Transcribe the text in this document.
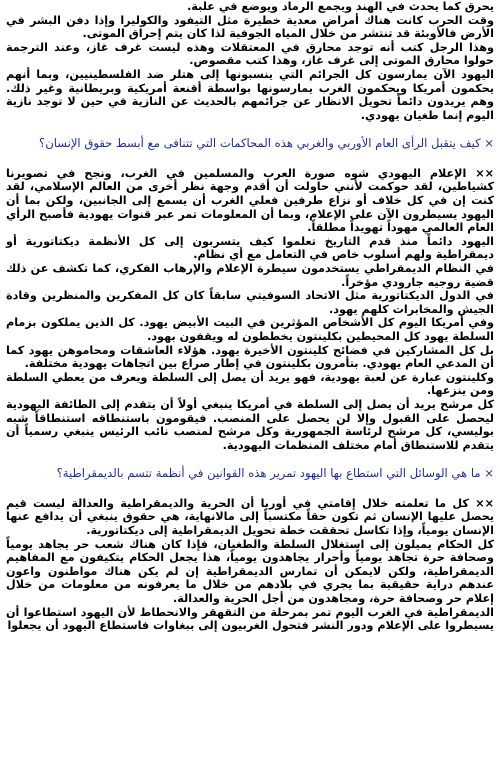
يحرق كما يحدث في الهند ويجمع الرماد ويوضع في علبة.

وقت الحرب كانت هناك أمراض معدية خطيرة مثل التيفود والكوليرا وإذا دفن البشر في الأرض فالأوبئة قد تنتشر من خلال المياه الجوفية لذا كان يتم إحراق الموتى.

وهذا الرجل كتب أنه توجد محارق في المعتقلات وهذه ليست غرف غاز، وعند الترجمة حولوا محارق الموتى إلى غرف غاز، وهذا كتب مقصوص.

اليهود الآن يمارسون كل الجرائم التي ينسبونها إلى هتلر ضد الفلسطينيين، وبما أنهم يحكمون أمريكا ويحكمون الغرب يمارسونها بواسطة أقنعة أمريكية وبريطانية وغير ذلك. وهم يريدون دائماً تحويل الانظار عن جرائمهم بالحديث عن النازية في حين لا توجد نازية اليوم إنما طغيان يهودي.

× كيف يتقبل الرأى العام الأوربي والغربي هذه المحاكمات التي تتنافى مع أبسط حقوق الإنسان؟

×× الإعلام اليهودي شوه صورة العرب والمسلمين في الغرب، ونجح في تصويرنا كشياطين، لقد حوكمت لأنني حاولت أن أقدم وجهة نظر أخرى من العالم الإسلامي، لقد كنت إن في كل خلاف أو نزاع طرفين فعلي الغرب أن يسمع إلى الجانبين، ولكن بما أن اليهود يسيطرون الآن على الإعلام، وبما أن المعلومات تمر عبر قنوات يهودية فأصبح الرأي العام العالمي مهوداً تهويداً مطلقاً.

اليهود دائماً منذ قدم التاريخ تعلموا كيف يتسربون إلى كل الأنظمة ديكتاتورية أو ديمقراطية ولهم أسلوب خاص في التعامل مع أي نظام.

في النظام الديمقراطي يستخدمون سيطرة الإعلام والإرهاب الفكري، كما تكشف عن ذلك قضية روجيه جارودي مؤخراً.

في الدول الديكتاتورية مثل الاتحاد السوفيتي سابقاً كان كل المفكرين والمنظرين وقادة الجيش والمخابرات كلهم يهود.

وفي أمريكا اليوم كل الأشخاص المؤثرين في البيت الأبيض يهود. كل الذين يملكون بزمام السلطة يهود كل المحيطين بكلينتون يخططون له ويقفون بهود.

بل كل المشاركين في فضائح كلينتون الأخيرة يهود. هؤلاء العاشقات ومحاموهن يهود كما أن المدعي العام يهودي. بتأمرون بكلينتون في إطار صراع بين اتجاهات يهودية مختلفة.

وكلينتون عبارة عن لعبة يهودية، فهو يريد أن يصل إلى السلطة ويعرف من يعطي السلطة ومن ينزعها.

كل مرشح يريد أن يصل إلى السلطة في أمريكا ينبغي أولاً أن يتقدم إلى الطائفة اليهودية ليحصل على القبول وإلا لن يحصل على المنصب. فيقومون باستنطاقه استنطاقاً شبه بوليسي، كل مرشح لرئاسة الجمهورية وكل مرشح لمنصب نائب الرئيس ينبغي رسمياً أن يتقدم للاستنطاق أمام مختلف المنظمات اليهودية.

× ما هي الوسائل التي استطاع بها اليهود تمرير هذه القوانين في أنظمة تتسم بالديمقراطية؟

×× كل ما تعلمته خلال إقامتي في أوربا أن الحرية والديمقراطية والعدالة ليست قيم يحصل عليها الإنسان ثم تكون حقاً مكتسباً إلى مالانهاية، هي حقوق ينبغي أن يدافع عنها الإنسان يومياً، وإذا تكاسل تحققت خطة تحويل الديمقراطية إلى ديكتاتورية.

كل الحكام يميلون إلى استغلال السلطة والطغيان، فإذا كان هناك شعب حر يجاهد يومياً وصحافة حرة تجاهد يومياً وأحرار يجاهدون يومياً، هذا يجعل الحكام يتكيفون مع المفاهيم الديمقراطية، ولكن لايمكن أن تمارس الديمقراطية إن لم يكن هناك مواطنون واعون عندهم دراية حقيقية بما يجري في بلادهم من خلال ما يعرفونه من معلومات من خلال إعلام حر وصحافة حرة، ومجاهدون من أجل الحرية والعدالة.

الديمقراطية في الغرب اليوم تمر بمرحلة من التقهقر والانحطاط لأن اليهود استطاعوا أن يسيطروا على الإعلام ودور النشر فتحول الغربيون إلى ببغاوات فاستطاع اليهود أن يجعلوا
